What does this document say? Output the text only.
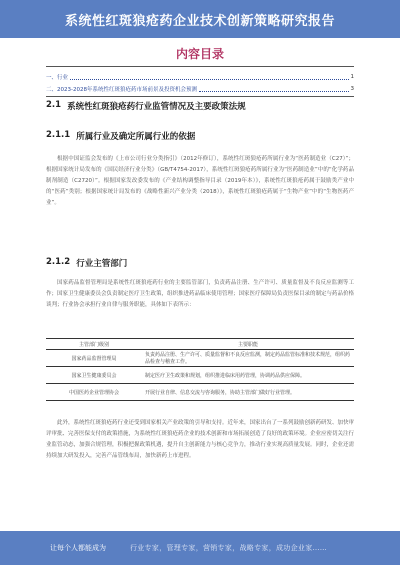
系统性红斑狼疮药企业技术创新策略研究报告
内容目录
一、行业	1
二、2023-2028年系统性红斑狼疮药市场前景及投资机会预测	3
2.1 系统性红斑狼疮药行业监管情况及主要政策法规
2.1.1 所属行业及确定所属行业的依据
根据中国证监会发布的《上市公司行业分类指引》（2012年修订），系统性红斑狼疮药所属行业为“医药制造业（C27）”；根据国家统计局发布的《国民经济行业分类》（GB/T4754-2017），系统性红斑狼疮药所属行业为“医药制造业”中的“化学药品制剂制造（C2720）”。根据国家发改委发布的《产业结构调整指导目录（2019年本）》，系统性红斑狼疮药属于鼓励类产业中的“医药”类别；根据国家统计局发布的《战略性新兴产业分类（2018）》，系统性红斑狼疮药属于“生物产业”中的“生物医药产业”。
2.1.2 行业主管部门
国家药品监督管理局是系统性红斑狼疮药行业的主要监管部门，负责药品注册、生产许可、质量监督及不良反应监测等工作；国家卫生健康委员会负责制定医疗卫生政策，组织推进药品临床使用管理；国家医疗保障局负责医保目录的制定与药品价格谈判；行业协会承担行业自律与服务职能，具体如下表所示：
主管部门级别	主要职能
国家药品监督管理局	负责药品注册、生产许可、质量监督和不良反应监测，制定药品监管标准和技术规范，组织药品检查与稽查工作。
国家卫生健康委员会	制定医疗卫生政策和规划，组织推进临床用药管理，协调药品供应保障。
中国医药企业管理协会	开展行业自律、信息交流与咨询服务，协助主管部门做好行业管理。
此外，系统性红斑狼疮药行业还受到国家相关产业政策的引导和支持。近年来，国家出台了一系列鼓励创新药研发、加快审评审批、完善医保支付的政策措施，为系统性红斑狼疮药企业的技术创新和市场拓展创造了良好的政策环境。企业应密切关注行业监管动态，加强合规管理，积极把握政策机遇，提升自主创新能力与核心竞争力，推动行业实现高质量发展。同时，企业还需持续加大研发投入，完善产品管线布局，加快新药上市进程。
让每个人都能成为	行业专家，管理专家，营销专家，战略专家，成功企业家……
